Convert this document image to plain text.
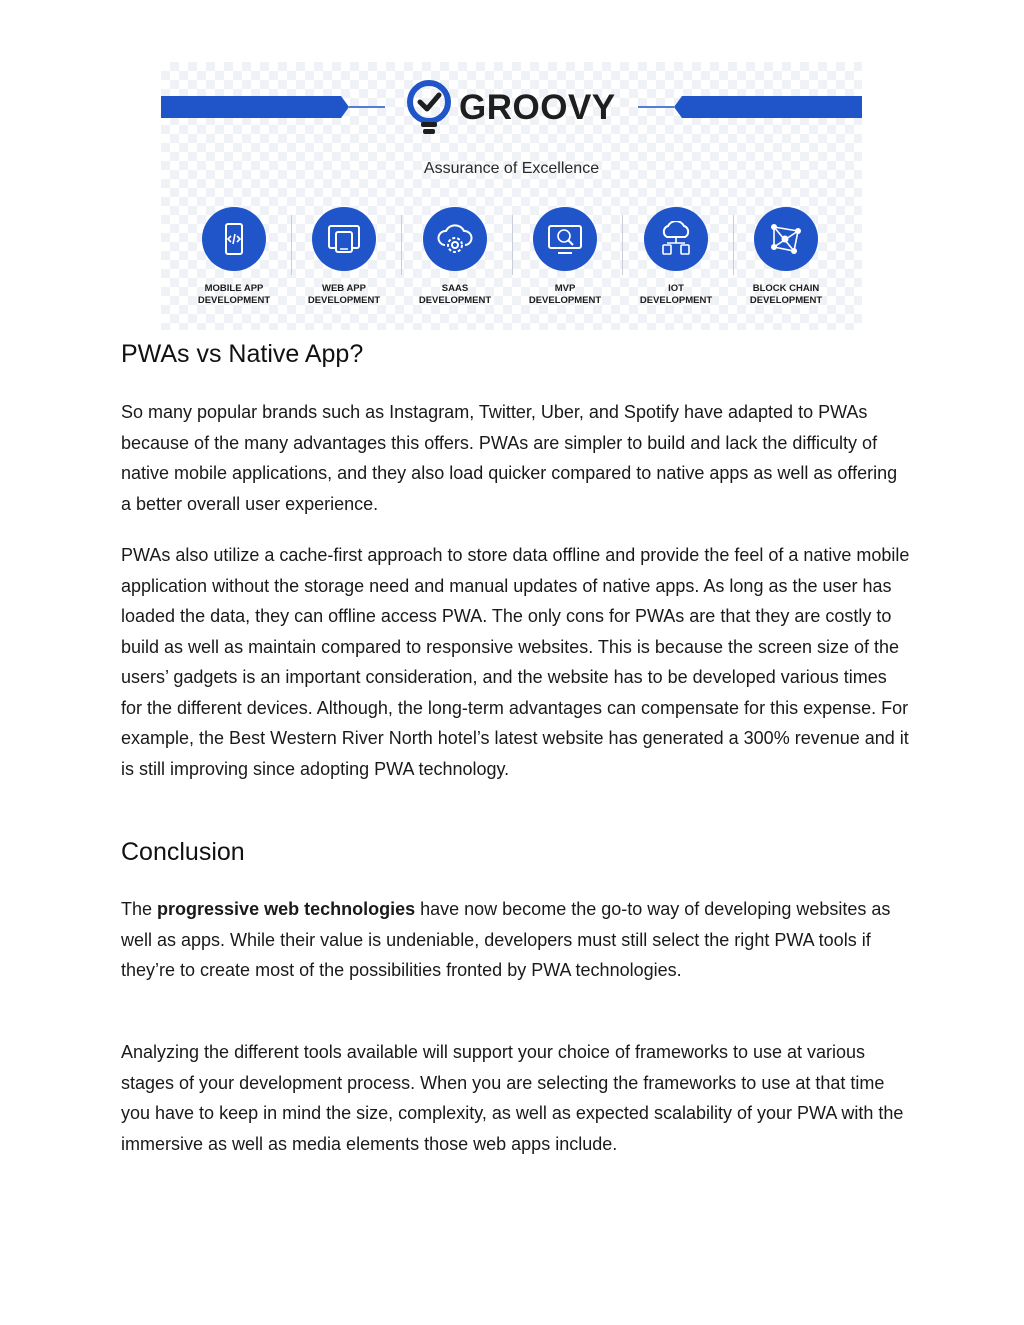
GROOVY
Assurance of Excellence
MOBILE APP
DEVELOPMENT
WEB APP
DEVELOPMENT
SAAS
DEVELOPMENT
MVP
DEVELOPMENT
IOT
DEVELOPMENT
BLOCK CHAIN
DEVELOPMENT
PWAs vs Native App?

So many popular brands such as Instagram, Twitter, Uber, and Spotify have adapted to PWAs because of the many advantages this offers. PWAs are simpler to build and lack the difficulty of native mobile applications, and they also load quicker compared to native apps as well as offering a better overall user experience.

PWAs also utilize a cache-first approach to store data offline and provide the feel of a native mobile application without the storage need and manual updates of native apps. As long as the user has loaded the data, they can offline access PWA. The only cons for PWAs are that they are costly to build as well as maintain compared to responsive websites. This is because the screen size of the users’ gadgets is an important consideration, and the website has to be developed various times for the different devices. Although, the long-term advantages can compensate for this expense. For example, the Best Western River North hotel’s latest website has generated a 300% revenue and it is still improving since adopting PWA technology.

Conclusion

The progressive web technologies have now become the go-to way of developing websites as well as apps. While their value is undeniable, developers must still select the right PWA tools if they’re to create most of the possibilities fronted by PWA technologies.

Analyzing the different tools available will support your choice of frameworks to use at various stages of your development process. When you are selecting the frameworks to use at that time you have to keep in mind the size, complexity, as well as expected scalability of your PWA with the immersive as well as media elements those web apps include.
